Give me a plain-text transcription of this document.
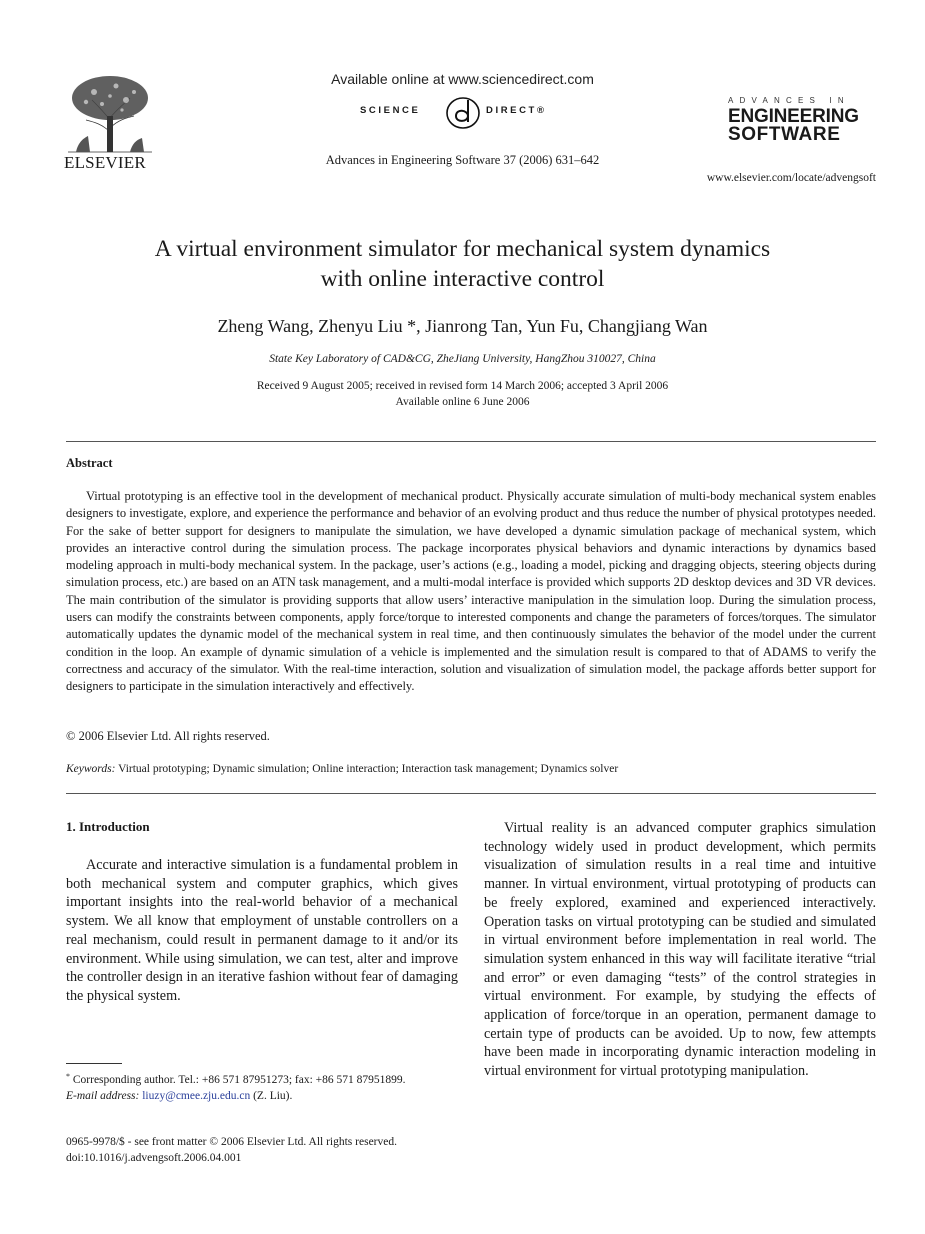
ELSEVIER
Available online at www.sciencedirect.com
SCIENCE	DIRECT®
Advances in Engineering Software 37 (2006) 631–642
ADVANCES IN
ENGINEERING
SOFTWARE
www.elsevier.com/locate/advengsoft
A virtual environment simulator for mechanical system dynamics
with online interactive control
Zheng Wang, Zhenyu Liu *, Jianrong Tan, Yun Fu, Changjiang Wan
State Key Laboratory of CAD&CG, ZheJiang University, HangZhou 310027, China
Received 9 August 2005; received in revised form 14 March 2006; accepted 3 April 2006
Available online 6 June 2006
Abstract
Virtual prototyping is an effective tool in the development of mechanical product. Physically accurate simulation of multi-body mechanical system enables designers to investigate, explore, and experience the performance and behavior of an evolving product and thus reduce the number of physical prototypes needed. For the sake of better support for designers to manipulate the simulation, we have developed a dynamic simulation package of mechanical system, which provides an interactive control during the simulation process. The package incorporates physical behaviors and dynamic interactions by dynamics based modeling approach in multi-body mechanical system. In the package, user’s actions (e.g., loading a model, picking and dragging objects, steering objects during simulation process, etc.) are based on an ATN task management, and a multi-modal interface is provided which supports 2D desktop devices and 3D VR devices. The main contribution of the simulator is providing supports that allow users’ interactive manipulation in the simulation loop. During the simulation process, users can modify the constraints between components, apply force/torque to interested components and change the parameters of forces/torques. The simulator automatically updates the dynamic model of the mechanical system in real time, and then continuously simulates the behavior of the model under the current condition in the loop. An example of dynamic simulation of a vehicle is implemented and the simulation result is compared to that of ADAMS to verify the correctness and accuracy of the simulator. With the real-time interaction, solution and visualization of simulation model, the package affords better support for designers to participate in the simulation interactively and effectively.
© 2006 Elsevier Ltd. All rights reserved.
Keywords: Virtual prototyping; Dynamic simulation; Online interaction; Interaction task management; Dynamics solver
1. Introduction

Accurate and interactive simulation is a fundamental problem in both mechanical system and computer graphics, which gives important insights into the real-world behavior of a mechanical system. We all know that employment of unstable controllers on a real mechanism, could result in permanent damage to it and/or its environment. While using simulation, we can test, alter and improve the controller design in an iterative fashion without fear of damaging the physical system.

Virtual reality is an advanced computer graphics simulation technology widely used in product development, which permits visualization of simulation results in a real time and intuitive manner. In virtual environment, virtual prototyping of products can be freely explored, examined and experienced interactively. Operation tasks on virtual prototyping can be studied and simulated in virtual environment before implementation in real world. The simulation system enhanced in this way will facilitate iterative “trial and error” or even damaging “tests” of the control strategies in virtual environment. For example, by studying the effects of application of force/torque in an operation, permanent damage to certain type of products can be avoided. Up to now, few attempts have been made in incorporating dynamic interaction modeling in virtual environment for virtual prototyping manipulation.

* Corresponding author. Tel.: +86 571 87951273; fax: +86 571 87951899.
E-mail address: liuzy@cmee.zju.edu.cn (Z. Liu).
0965-9978/$ - see front matter © 2006 Elsevier Ltd. All rights reserved.
doi:10.1016/j.advengsoft.2006.04.001
